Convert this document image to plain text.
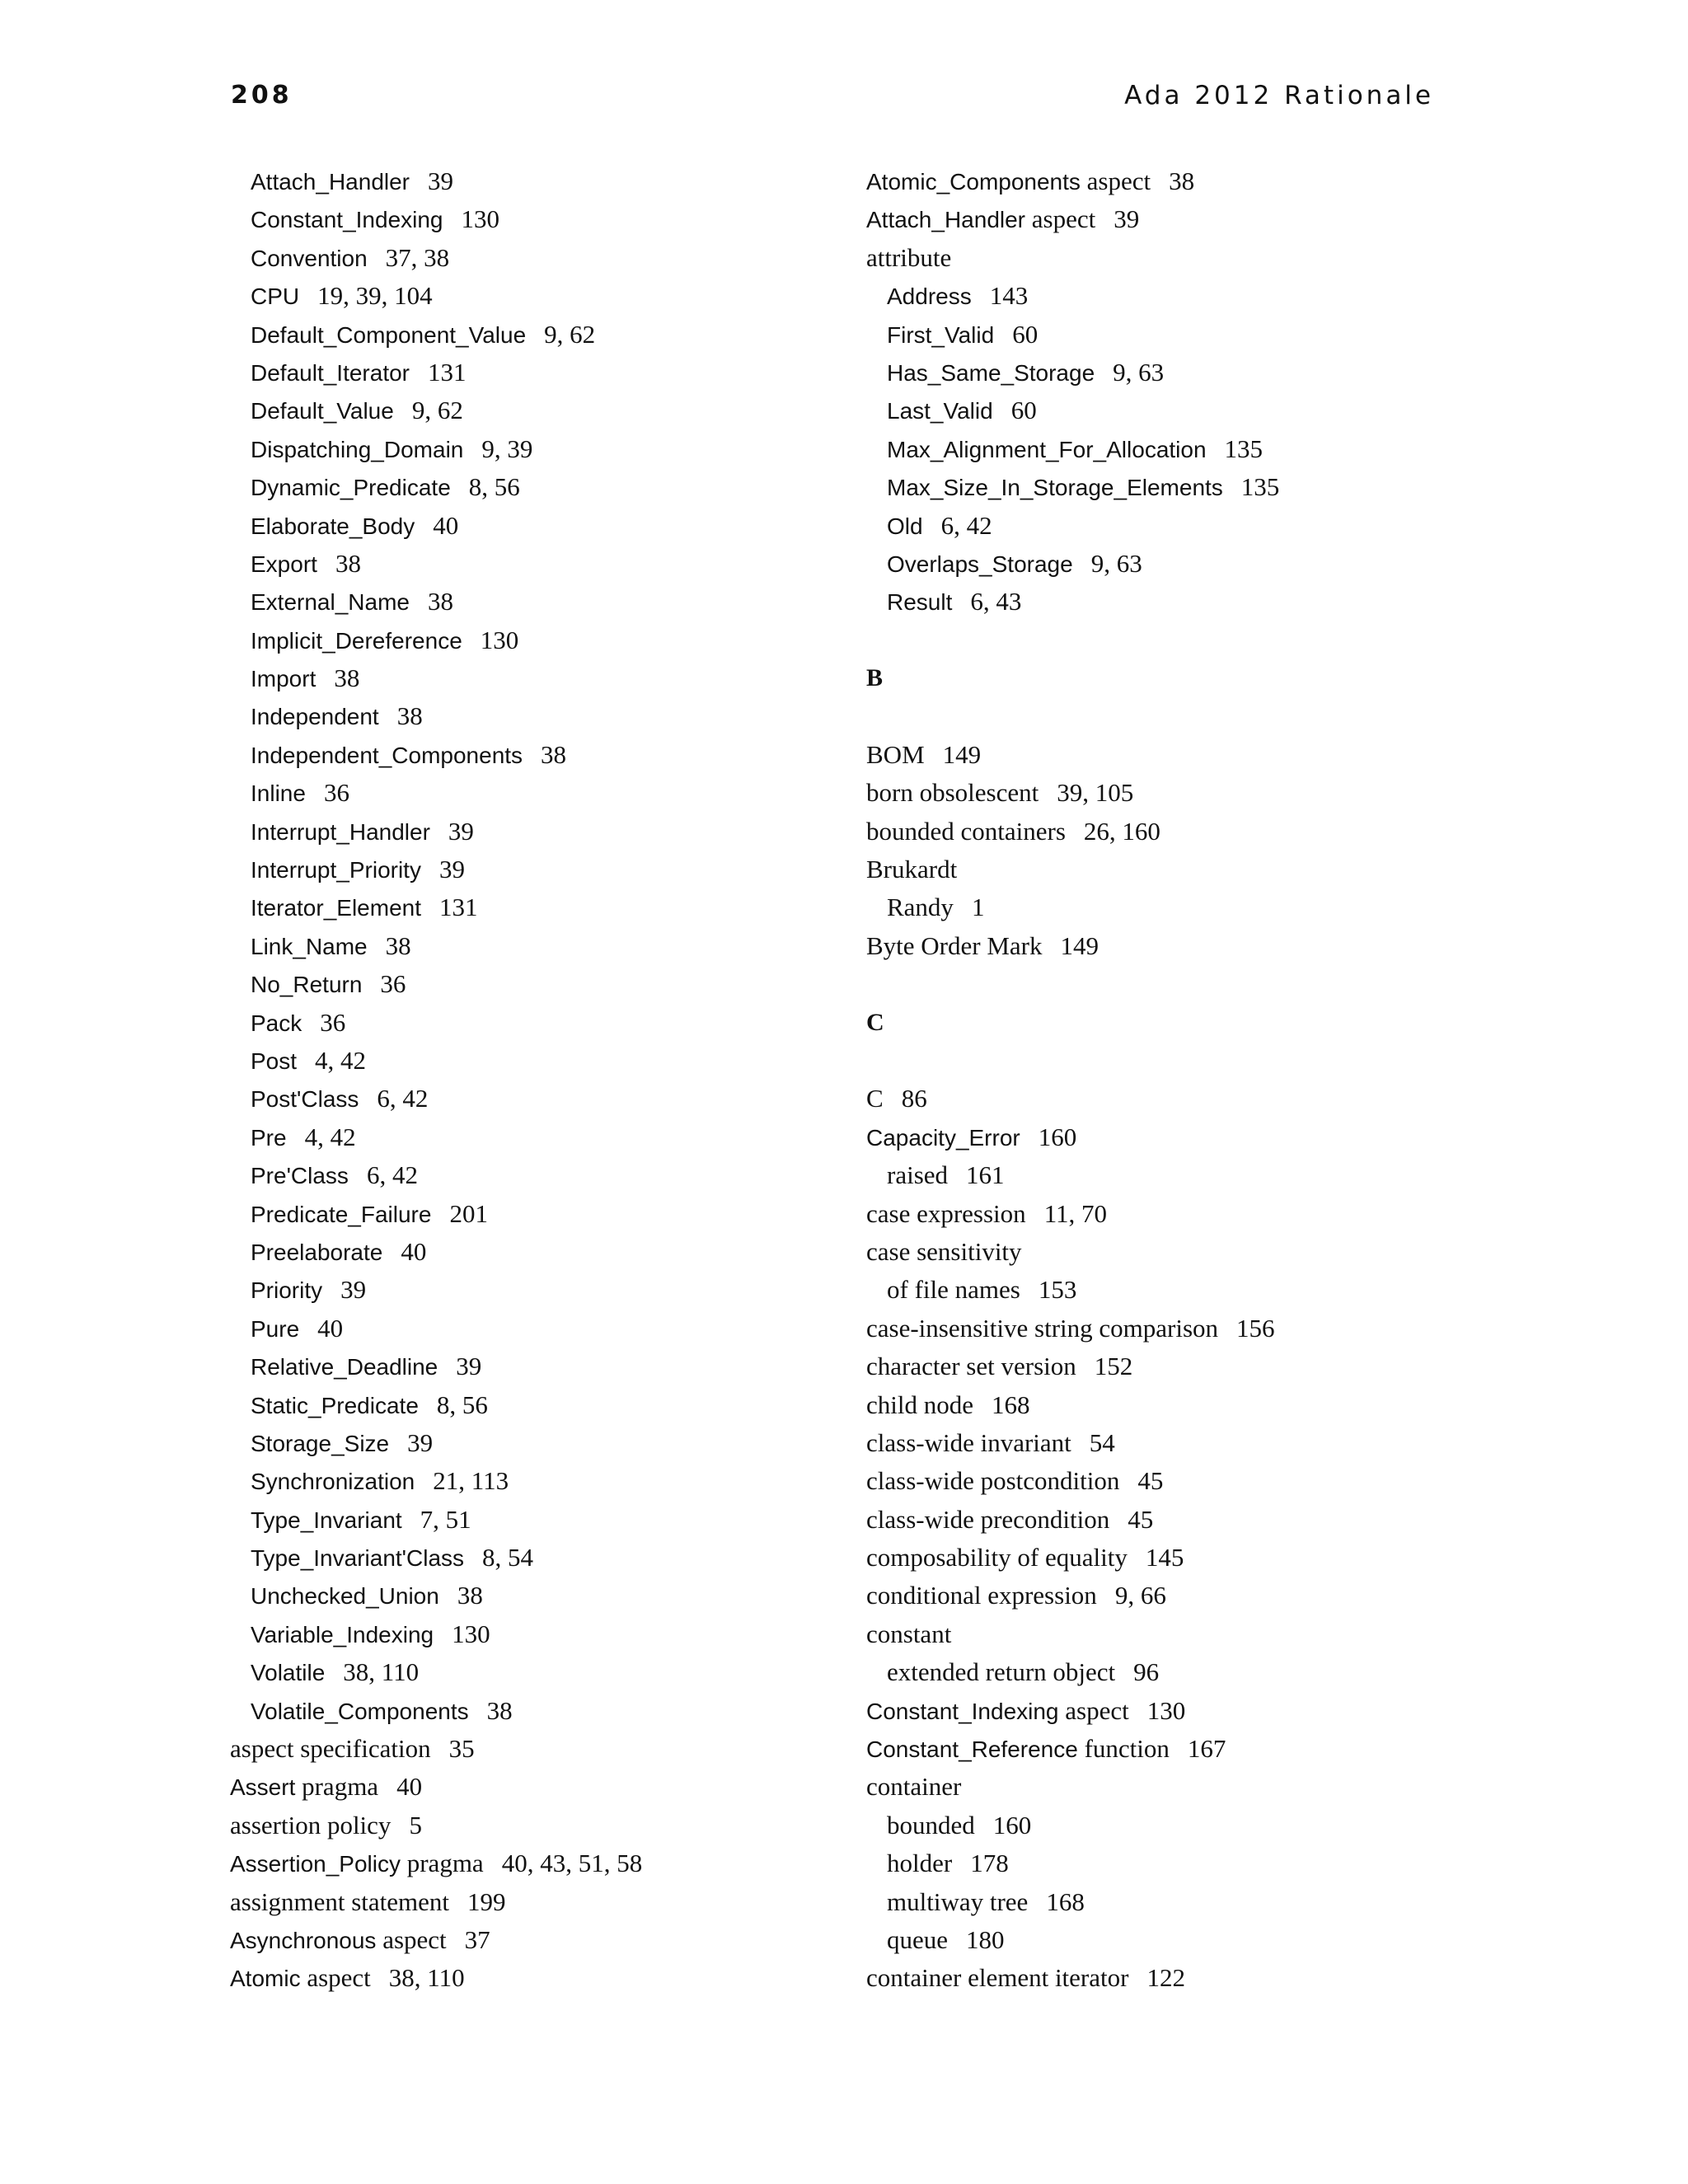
208	Ada 2012 Rationale
Attach_Handler 39
Constant_Indexing 130
Convention 37, 38
CPU 19, 39, 104
Default_Component_Value 9, 62
Default_Iterator 131
Default_Value 9, 62
Dispatching_Domain 9, 39
Dynamic_Predicate 8, 56
Elaborate_Body 40
Export 38
External_Name 38
Implicit_Dereference 130
Import 38
Independent 38
Independent_Components 38
Inline 36
Interrupt_Handler 39
Interrupt_Priority 39
Iterator_Element 131
Link_Name 38
No_Return 36
Pack 36
Post 4, 42
Post'Class 6, 42
Pre 4, 42
Pre'Class 6, 42
Predicate_Failure 201
Preelaborate 40
Priority 39
Pure 40
Relative_Deadline 39
Static_Predicate 8, 56
Storage_Size 39
Synchronization 21, 113
Type_Invariant 7, 51
Type_Invariant'Class 8, 54
Unchecked_Union 38
Variable_Indexing 130
Volatile 38, 110
Volatile_Components 38
aspect specification 35
Assert pragma 40
assertion policy 5
Assertion_Policy pragma 40, 43, 51, 58
assignment statement 199
Asynchronous aspect 37
Atomic aspect 38, 110
Atomic_Components aspect 38
Attach_Handler aspect 39
attribute
Address 143
First_Valid 60
Has_Same_Storage 9, 63
Last_Valid 60
Max_Alignment_For_Allocation 135
Max_Size_In_Storage_Elements 135
Old 6, 42
Overlaps_Storage 9, 63
Result 6, 43
B
BOM 149
born obsolescent 39, 105
bounded containers 26, 160
Brukardt
Randy 1
Byte Order Mark 149
C
C 86
Capacity_Error 160
raised 161
case expression 11, 70
case sensitivity
of file names 153
case-insensitive string comparison 156
character set version 152
child node 168
class-wide invariant 54
class-wide postcondition 45
class-wide precondition 45
composability of equality 145
conditional expression 9, 66
constant
extended return object 96
Constant_Indexing aspect 130
Constant_Reference function 167
container
bounded 160
holder 178
multiway tree 168
queue 180
container element iterator 122
